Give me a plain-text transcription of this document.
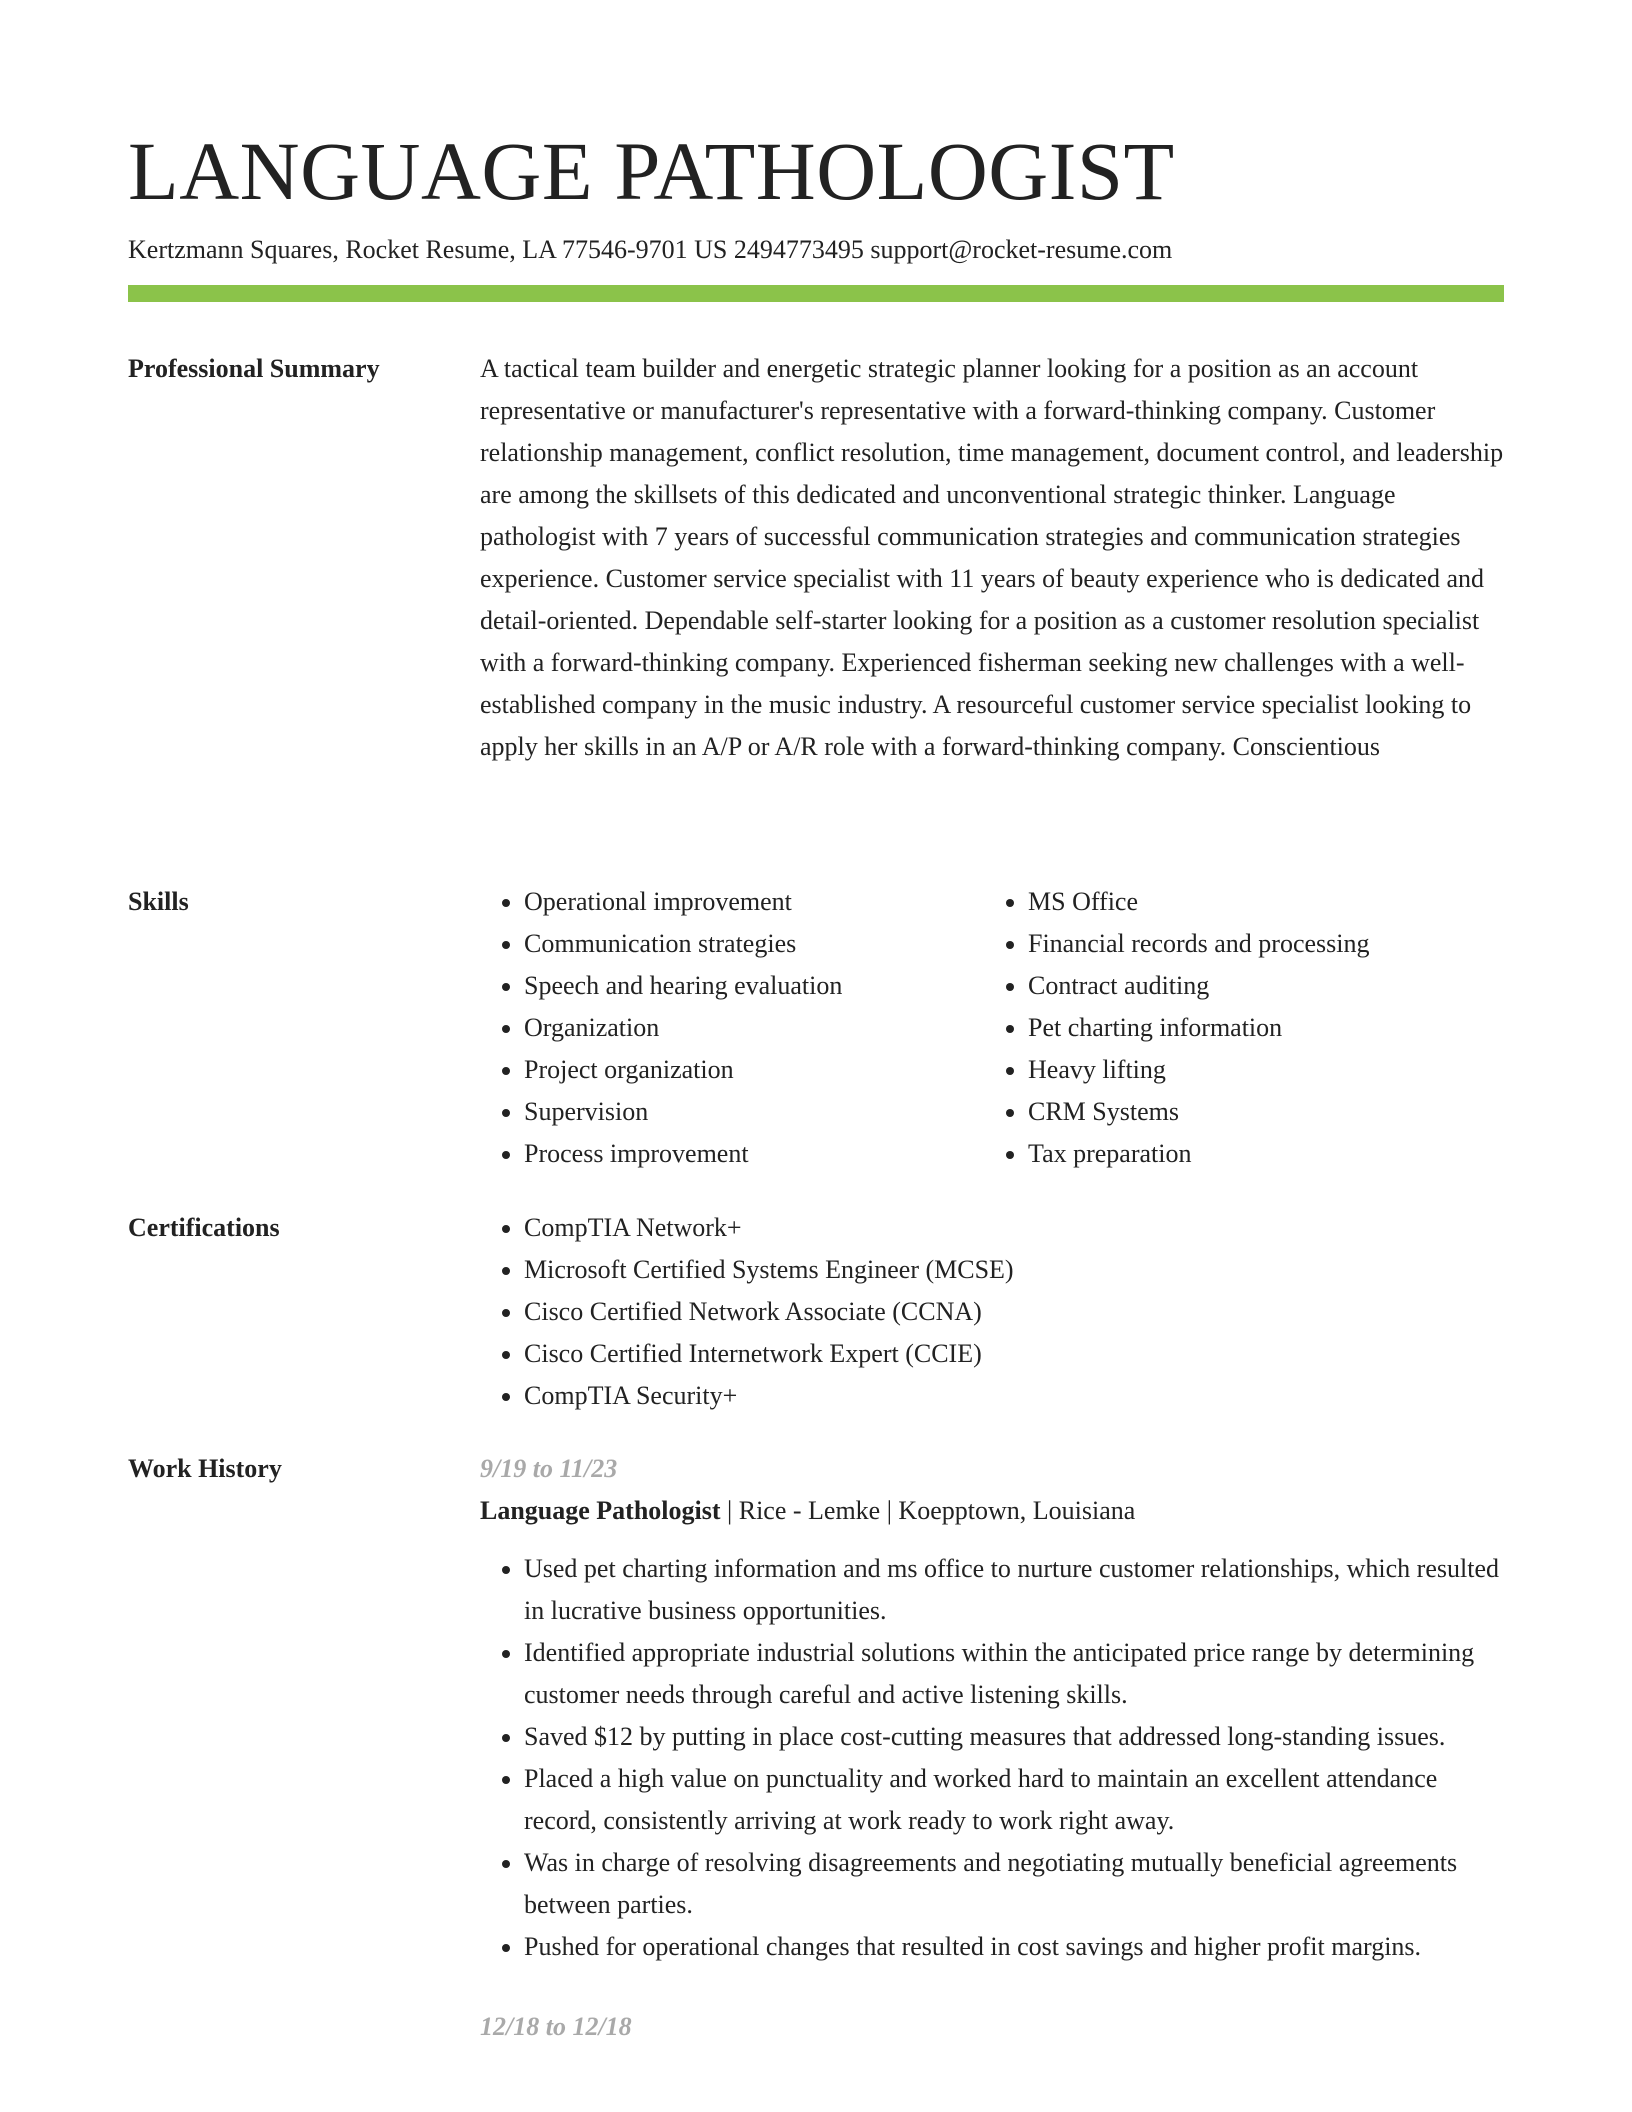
LANGUAGE PATHOLOGIST
Kertzmann Squares, Rocket Resume, LA 77546-9701 US 2494773495 support@rocket-resume.com
Professional Summary	A tactical team builder and energetic strategic planner looking for a position as an account representative or manufacturer's representative with a forward-thinking company. Customer relationship management, conflict resolution, time management, document control, and leadership are among the skillsets of this dedicated and unconventional strategic thinker. Language pathologist with 7 years of successful communication strategies and communication strategies experience. Customer service specialist with 11 years of beauty experience who is dedicated and detail-oriented. Dependable self-starter looking for a position as a customer resolution specialist with a forward-thinking company. Experienced fisherman seeking new challenges with a well-established company in the music industry. A resourceful customer service specialist looking to apply her skills in an A/P or A/R role with a forward-thinking company. Conscientious

Skills	• Operational improvement
• Communication strategies
• Speech and hearing evaluation
• Organization
• Project organization
• Supervision
• Process improvement
• MS Office
• Financial records and processing
• Contract auditing
• Pet charting information
• Heavy lifting
• CRM Systems
• Tax preparation
Certifications	• CompTIA Network+
• Microsoft Certified Systems Engineer (MCSE)
• Cisco Certified Network Associate (CCNA)
• Cisco Certified Internetwork Expert (CCIE)
• CompTIA Security+
Work History	9/19 to 11/23
Language Pathologist | Rice - Lemke | Koepptown, Louisiana
• Used pet charting information and ms office to nurture customer relationships, which resulted in lucrative business opportunities.
• Identified appropriate industrial solutions within the anticipated price range by determining customer needs through careful and active listening skills.
• Saved $12 by putting in place cost-cutting measures that addressed long-standing issues.
• Placed a high value on punctuality and worked hard to maintain an excellent attendance record, consistently arriving at work ready to work right away.
• Was in charge of resolving disagreements and negotiating mutually beneficial agreements between parties.
• Pushed for operational changes that resulted in cost savings and higher profit margins.
12/18 to 12/18
